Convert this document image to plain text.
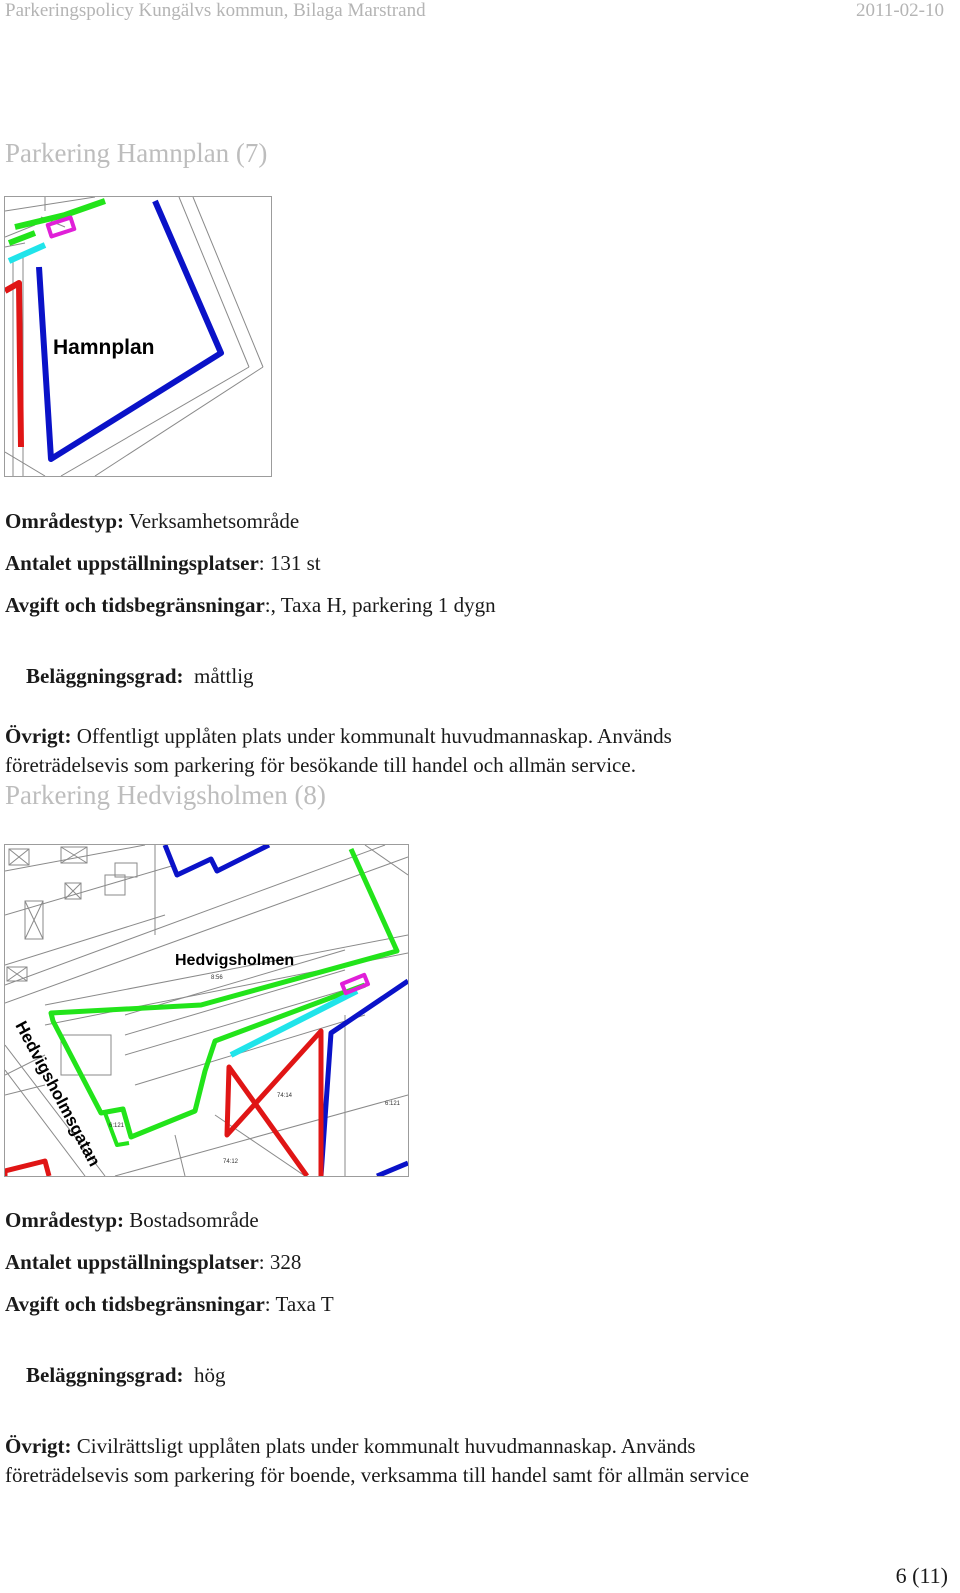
Parkeringspolicy Kungälvs kommun, Bilaga Marstrand	2011-02-10
Parkering Hamnplan (7)
Hamnplan
Områdestyp: Verksamhetsområde
Antalet uppställningsplatser: 131 st
Avgift och tidsbegränsningar:, Taxa H, parkering 1 dygn

Beläggningsgrad:  måttlig

Övrigt: Offentligt upplåten plats under kommunalt huvudmannaskap. Används
företrädelsevis som parkering för besökande till handel och allmän service.
Parkering Hedvigsholmen (8)
Hedvigsholmen
Hedvigsholmsgatan
8:56
74:14
6:121
74:12
6:121
Områdestyp: Bostadsområde
Antalet uppställningsplatser: 328
Avgift och tidsbegränsningar: Taxa T

Beläggningsgrad:  hög

Övrigt: Civilrättsligt upplåten plats under kommunalt huvudmannaskap. Används
företrädelsevis som parkering för boende, verksamma till handel samt för allmän service
6 (11)
